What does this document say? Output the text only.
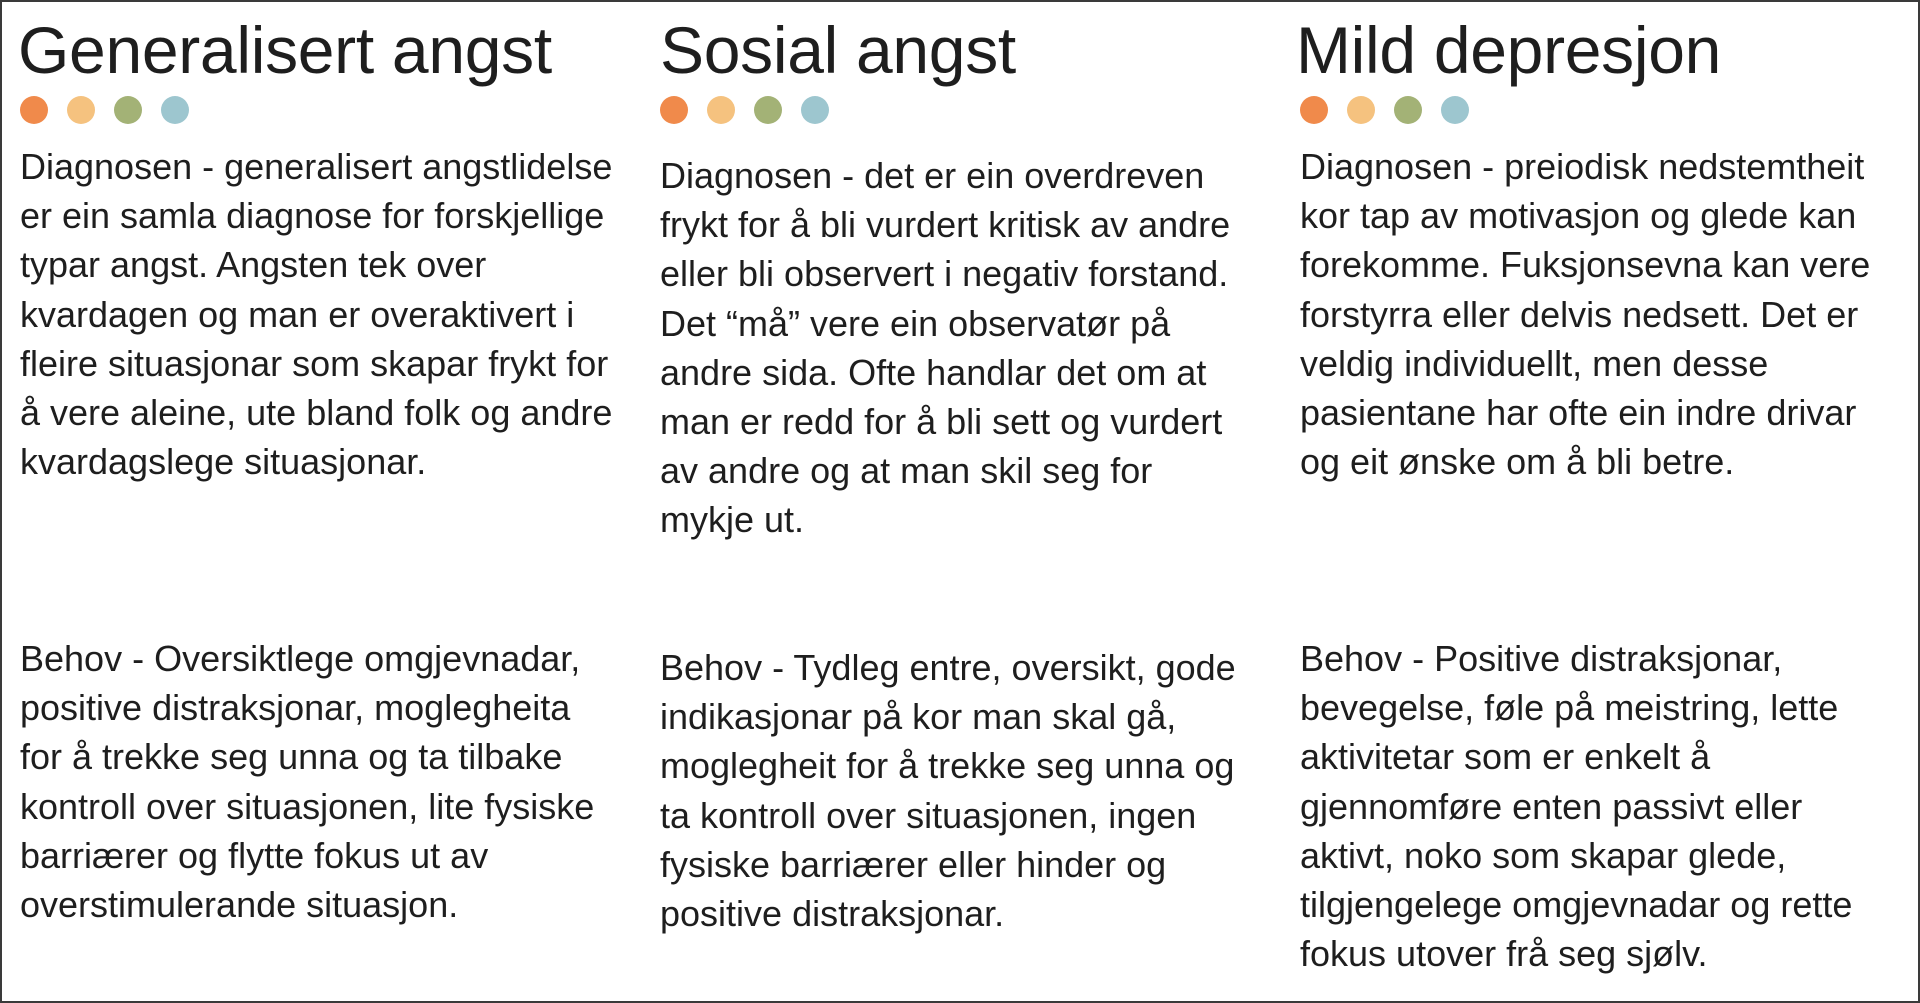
Generalisert angst

Diagnosen - generalisert angstlidelse er ein samla diagnose for forskjellige typar angst. Angsten tek over kvardagen og man er overaktivert i fleire situasjonar som skapar frykt for å vere aleine, ute bland folk og andre kvardagslege situasjonar.

Behov - Oversiktlege omgjevnadar, positive distraksjonar, moglegheita for å trekke seg unna og ta tilbake kontroll over situasjonen, lite fysiske barriærer og flytte fokus ut av overstimulerande situasjon.

Sosial angst

Diagnosen - det er ein overdreven frykt for å bli vurdert kritisk av andre eller bli observert i negativ forstand. Det “må” vere ein observatør på andre sida. Ofte handlar det om at man er redd for å bli sett og vurdert av andre og at man skil seg for mykje ut.

Behov - Tydleg entre, oversikt, gode indikasjonar på kor man skal gå, moglegheit for å trekke seg unna og ta kontroll over situasjonen, ingen fysiske barriærer eller hinder og positive distraksjonar.

Mild depresjon

Diagnosen - preiodisk nedstemtheit kor tap av motivasjon og glede kan forekomme. Fuksjonsevna kan vere forstyrra eller delvis nedsett. Det er veldig individuellt, men desse pasientane har ofte ein indre drivar og eit ønske om å bli betre.

Behov - Positive distraksjonar, bevegelse, føle på meistring, lette aktivitetar som er enkelt å gjennomføre enten passivt eller aktivt, noko som skapar glede, tilgjengelege omgjevnadar og rette fokus utover frå seg sjølv.
